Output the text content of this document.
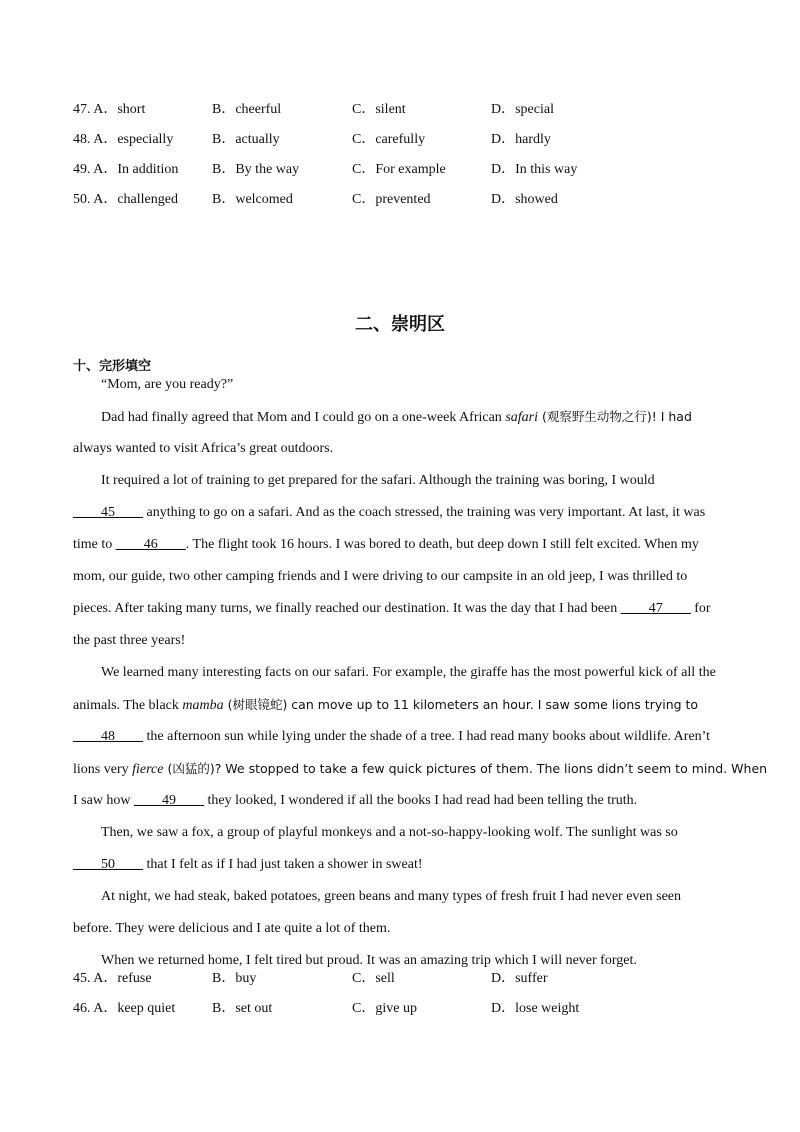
47. A．short	B．cheerful	C．silent	D．special
48. A．especially	B．actually	C．carefully	D．hardly
49. A．In addition B．By the way	C．For example	D．In this way
50. A．challenged B．welcomed	C．prevented	D．showed
二、崇明区
十、完形填空
“Mom, are you ready?”
Dad had finally agreed that Mom and I could go on a one-week African safari (观察野生动物之行)! I had
always wanted to visit Africa’s great outdoors.
It required a lot of training to get prepared for the safari. Although the training was boring, I would
____45____ anything to go on a safari. And as the coach stressed, the training was very important. At last, it was
time to ____46____. The flight took 16 hours. I was bored to death, but deep down I still felt excited. When my
mom, our guide, two other camping friends and I were driving to our campsite in an old jeep, I was thrilled to
pieces. After taking many turns, we finally reached our destination. It was the day that I had been ____47____ for
the past three years!
We learned many interesting facts on our safari. For example, the giraffe has the most powerful kick of all the
animals. The black mamba (树眼镜蛇) can move up to 11 kilometers an hour. I saw some lions trying to
____48____ the afternoon sun while lying under the shade of a tree. I had read many books about wildlife. Aren’t
lions very fierce (凶猛的)? We stopped to take a few quick pictures of them. The lions didn’t seem to mind. When
I saw how ____49____ they looked, I wondered if all the books I had read had been telling the truth.
Then, we saw a fox, a group of playful monkeys and a not-so-happy-looking wolf. The sunlight was so
____50____ that I felt as if I had just taken a shower in sweat!
At night, we had steak, baked potatoes, green beans and many types of fresh fruit I had never even seen
before. They were delicious and I ate quite a lot of them.
When we returned home, I felt tired but proud. It was an amazing trip which I will never forget.
45. A．refuse	B．buy	C．sell	D．suffer
46. A．keep quiet	B．set out	C．give up	D．lose weight
